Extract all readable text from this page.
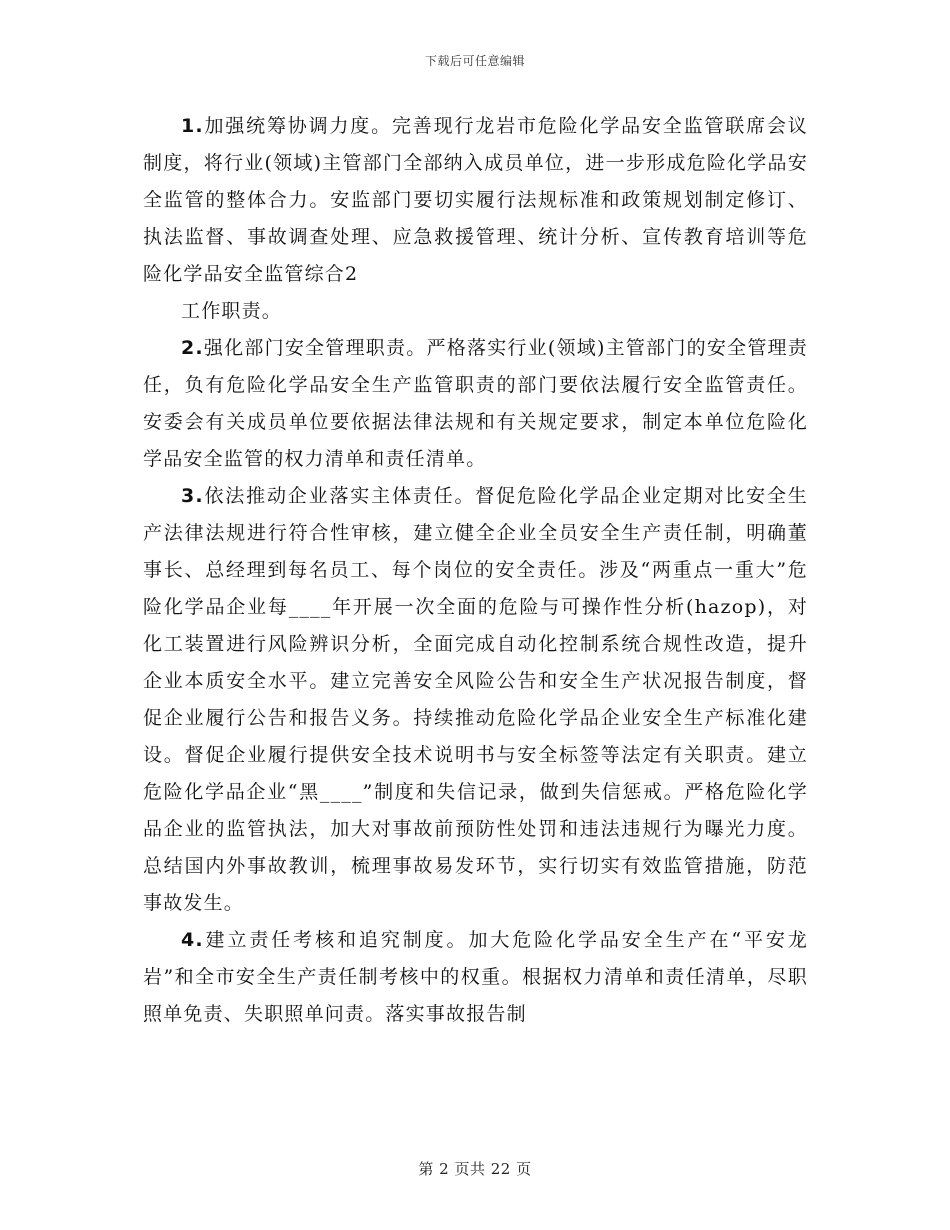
下载后可任意编辑

1.加强统筹协调力度。完善现行龙岩市危险化学品安全监管联席会议制度，将行业(领域)主管部门全部纳入成员单位，进一步形成危险化学品安全监管的整体合力。安监部门要切实履行法规标准和政策规划制定修订、执法监督、事故调查处理、应急救援管理、统计分析、宣传教育培训等危险化学品安全监管综合2

工作职责。

2.强化部门安全管理职责。严格落实行业(领域)主管部门的安全管理责任，负有危险化学品安全生产监管职责的部门要依法履行安全监管责任。安委会有关成员单位要依据法律法规和有关规定要求，制定本单位危险化学品安全监管的权力清单和责任清单。

3.依法推动企业落实主体责任。督促危险化学品企业定期对比安全生产法律法规进行符合性审核，建立健全企业全员安全生产责任制，明确董事长、总经理到每名员工、每个岗位的安全责任。涉及“两重点一重大”危险化学品企业每____年开展一次全面的危险与可操作性分析(hazop)，对化工装置进行风险辨识分析，全面完成自动化控制系统合规性改造，提升企业本质安全水平。建立完善安全风险公告和安全生产状况报告制度，督促企业履行公告和报告义务。持续推动危险化学品企业安全生产标准化建设。督促企业履行提供安全技术说明书与安全标签等法定有关职责。建立危险化学品企业“黑____”制度和失信记录，做到失信惩戒。严格危险化学品企业的监管执法，加大对事故前预防性处罚和违法违规行为曝光力度。总结国内外事故教训，梳理事故易发环节，实行切实有效监管措施，防范事故发生。

4.建立责任考核和追究制度。加大危险化学品安全生产在“平安龙岩”和全市安全生产责任制考核中的权重。根据权力清单和责任清单，尽职照单免责、失职照单问责。落实事故报告制

第 2 页共 22 页
